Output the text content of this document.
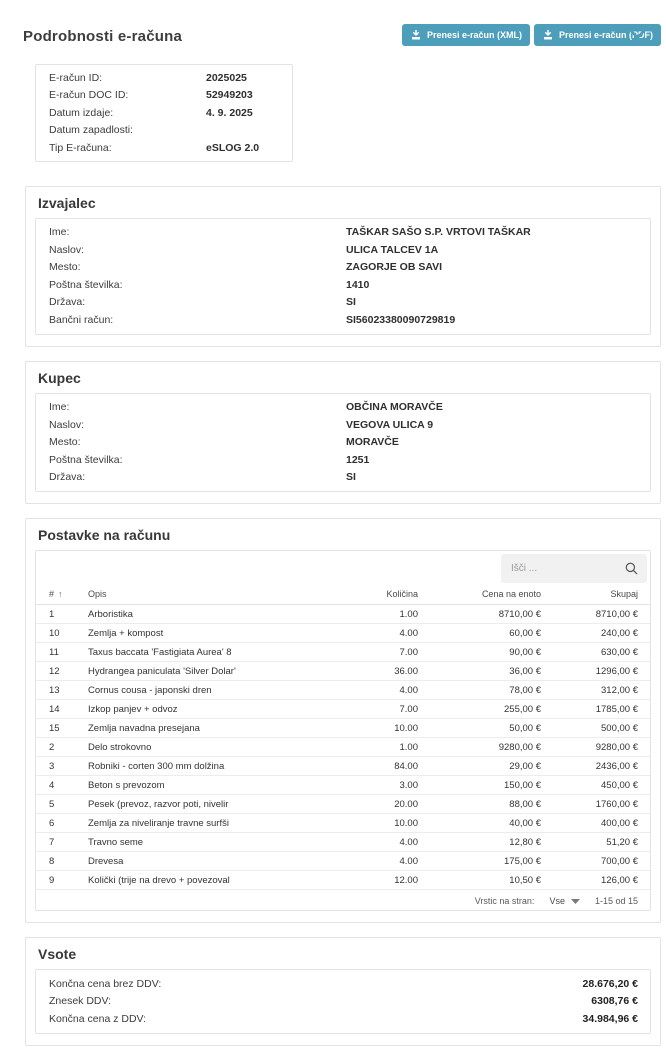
Podrobnosti e-računa	Prenesi e-račun (XML)	Prenesi e-račun (PDF)
E-račun ID:	2025025
E-račun DOC ID:	52949203
Datum izdaje:	4. 9. 2025
Datum zapadlosti:
Tip E-računa:	eSLOG 2.0
Izvajalec
Ime:	TAŠKAR SAŠO S.P. VRTOVI TAŠKAR
Naslov:	ULICA TALCEV 1A
Mesto:	ZAGORJE OB SAVI
Poštna številka:	1410
Država:	SI
Bančni račun:	SI56023380090729819
Kupec
Ime:	OBČINA MORAVČE
Naslov:	VEGOVA ULICA 9
Mesto:	MORAVČE
Poštna številka:	1251
Država:	SI
Postavke na računu
Išči ...
# ↑	Opis	Količina	Cena na enoto	Skupaj
1	Arboristika	1.00	8710,00 €	8710,00 €
10	Zemlja + kompost	4.00	60,00 €	240,00 €
11	Taxus baccata 'Fastigiata Aurea' 8	7.00	90,00 €	630,00 €
12	Hydrangea paniculata 'Silver Dolar'	36.00	36,00 €	1296,00 €
13	Cornus cousa - japonski dren	4.00	78,00 €	312,00 €
14	Izkop panjev + odvoz	7.00	255,00 €	1785,00 €
15	Zemlja navadna presejana	10.00	50,00 €	500,00 €
2	Delo strokovno	1.00	9280,00 €	9280,00 €
3	Robniki - corten 300 mm dolžina	84.00	29,00 €	2436,00 €
4	Beton s prevozom	3.00	150,00 €	450,00 €
5	Pesek (prevoz, razvor poti, nivelir	20.00	88,00 €	1760,00 €
6	Zemlja za niveliranje travne surfši	10.00	40,00 €	400,00 €
7	Travno seme	4.00	12,80 €	51,20 €
8	Drevesa	4.00	175,00 €	700,00 €
9	Količki (trije na drevo + povezoval	12.00	10,50 €	126,00 €
Vrstic na stran: Vse	1-15 od 15
Vsote
Končna cena brez DDV:	28.676,20 €
Znesek DDV:	6308,76 €
Končna cena z DDV:	34.984,96 €
